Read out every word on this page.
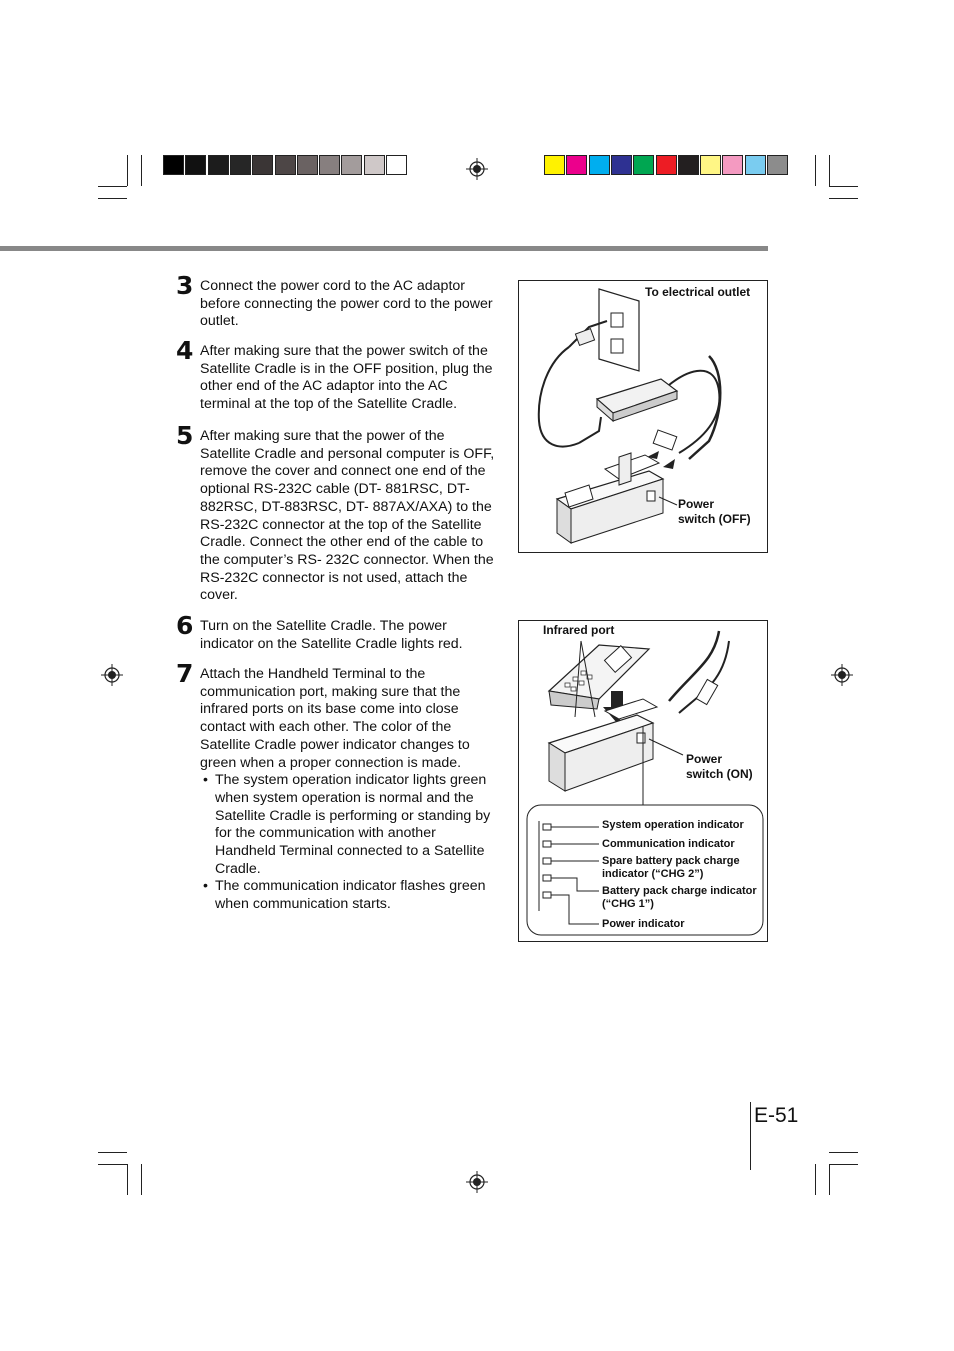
3 Connect the power cord to the AC adaptor before connecting the power cord to the power outlet.
4 After making sure that the power switch of the Satellite Cradle is in the OFF position, plug the other end of the AC adaptor into the AC terminal at the top of the Satellite Cradle.
5 After making sure that the power of the Satellite Cradle and personal computer is OFF, remove the cover and connect one end of the optional RS-232C cable (DT- 881RSC, DT-882RSC, DT-883RSC, DT- 887AX/AXA) to the RS-232C connector at the top of the Satellite Cradle. Connect the other end of the cable to the computer’s RS- 232C connector. When the RS-232C connector is not used, attach the cover.
6 Turn on the Satellite Cradle. The power indicator on the Satellite Cradle lights red.
7 Attach the Handheld Terminal to the communication port, making sure that the infrared ports on its base come into close contact with each other. The color of the Satellite Cradle power indicator changes to green when a proper connection is made.
• The system operation indicator lights green when system operation is normal and the Satellite Cradle is performing or standing by for the communication with another Handheld Terminal connected to a Satellite Cradle.
• The communication indicator flashes green when communication starts.
To electrical outlet
Power
switch (OFF)
Infrared port
Power
switch (ON)
System operation indicator
Communication indicator
Spare battery pack charge
indicator (“CHG 2”)
Battery pack charge indicator
(“CHG 1”)
Power indicator
E-51
